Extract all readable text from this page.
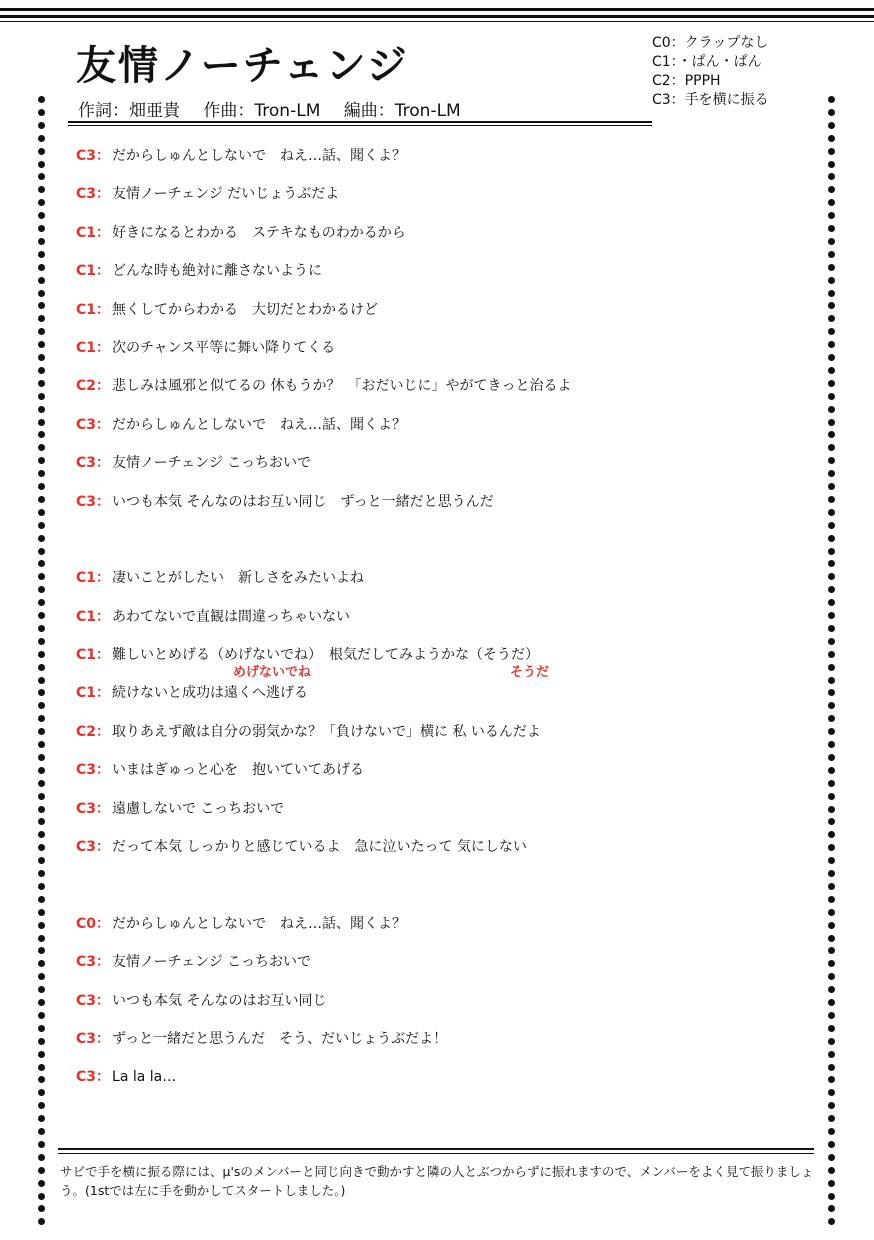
友情ノーチェンジ
作詞：畑亜貴 作曲：Tron-LM 編曲：Tron-LM
C0：クラップなし
C1：・ぱん・ぱん
C2：PPPH
C3：手を横に振る
C3： だからしゅんとしないで　ねえ…話、聞くよ？
C3： 友情ノーチェンジ だいじょうぶだよ
C1： 好きになるとわかる　ステキなものわかるから
C1： どんな時も絶対に離さないように
C1： 無くしてからわかる　大切だとわかるけど
C1： 次のチャンス平等に舞い降りてくる
C2： 悲しみは風邪と似てるの 休もうか？　「おだいじに」やがてきっと治るよ
C3： だからしゅんとしないで　ねえ…話、聞くよ？
C3： 友情ノーチェンジ こっちおいで
C3： いつも本気 そんなのはお互い同じ　ずっと一緒だと思うんだ
C1： 凄いことがしたい　新しさをみたいよね
C1： あわてないで直観は間違っちゃいない
C1： 難しいとめげる（めげないでね）　根気だしてみようかな（そうだ）
めげないでね	そうだ
C1： 続けないと成功は遠くへ逃げる
C2： 取りあえず敵は自分の弱気かな？「負けないで」横に 私 いるんだよ
C3： いまはぎゅっと心を　抱いていてあげる
C3： 遠慮しないで こっちおいで
C3： だって本気 しっかりと感じているよ　急に泣いたって 気にしない
C0： だからしゅんとしないで　ねえ…話、聞くよ？
C3： 友情ノーチェンジ こっちおいで
C3： いつも本気 そんなのはお互い同じ
C3： ずっと一緒だと思うんだ　そう、だいじょうぶだよ！
C3： La la la…
サビで手を横に振る際には、μ'sのメンバーと同じ向きで動かすと隣の人とぶつからずに振れますので、メンバーをよく見て振りましょう。(1stでは左に手を動かしてスタートしました。)
